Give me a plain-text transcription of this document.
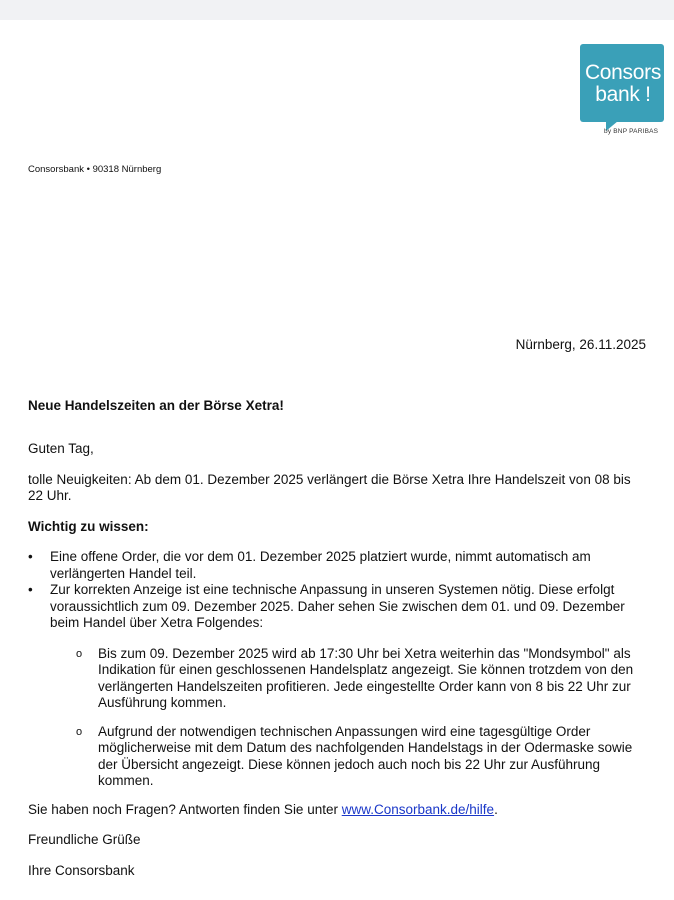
Consors
bank !
by BNP PARIBAS
Consorsbank • 90318 Nürnberg
Nürnberg, 26.11.2025
Neue Handelszeiten an der Börse Xetra!

Guten Tag,

tolle Neuigkeiten: Ab dem 01. Dezember 2025 verlängert die Börse Xetra Ihre Handelszeit von 08 bis 22 Uhr.

Wichtig zu wissen:

•	Eine offene Order, die vor dem 01. Dezember 2025 platziert wurde, nimmt automatisch am verlängerten Handel teil.
•	Zur korrekten Anzeige ist eine technische Anpassung in unseren Systemen nötig. Diese erfolgt voraussichtlich zum 09. Dezember 2025. Daher sehen Sie zwischen dem 01. und 09. Dezember beim Handel über Xetra Folgendes:
o Bis zum 09. Dezember 2025 wird ab 17:30 Uhr bei Xetra weiterhin das "Mondsymbol" als Indikation für einen geschlossenen Handelsplatz angezeigt. Sie können trotzdem von den verlängerten Handelszeiten profitieren. Jede eingestellte Order kann von 8 bis 22 Uhr zur Ausführung kommen.
o Aufgrund der notwendigen technischen Anpassungen wird eine tagesgültige Order möglicherweise mit dem Datum des nachfolgenden Handelstags in der Odermaske sowie der Übersicht angezeigt. Diese können jedoch auch noch bis 22 Uhr zur Ausführung kommen.

Sie haben noch Fragen? Antworten finden Sie unter www.Consorbank.de/hilfe.

Freundliche Grüße

Ihre Consorsbank
